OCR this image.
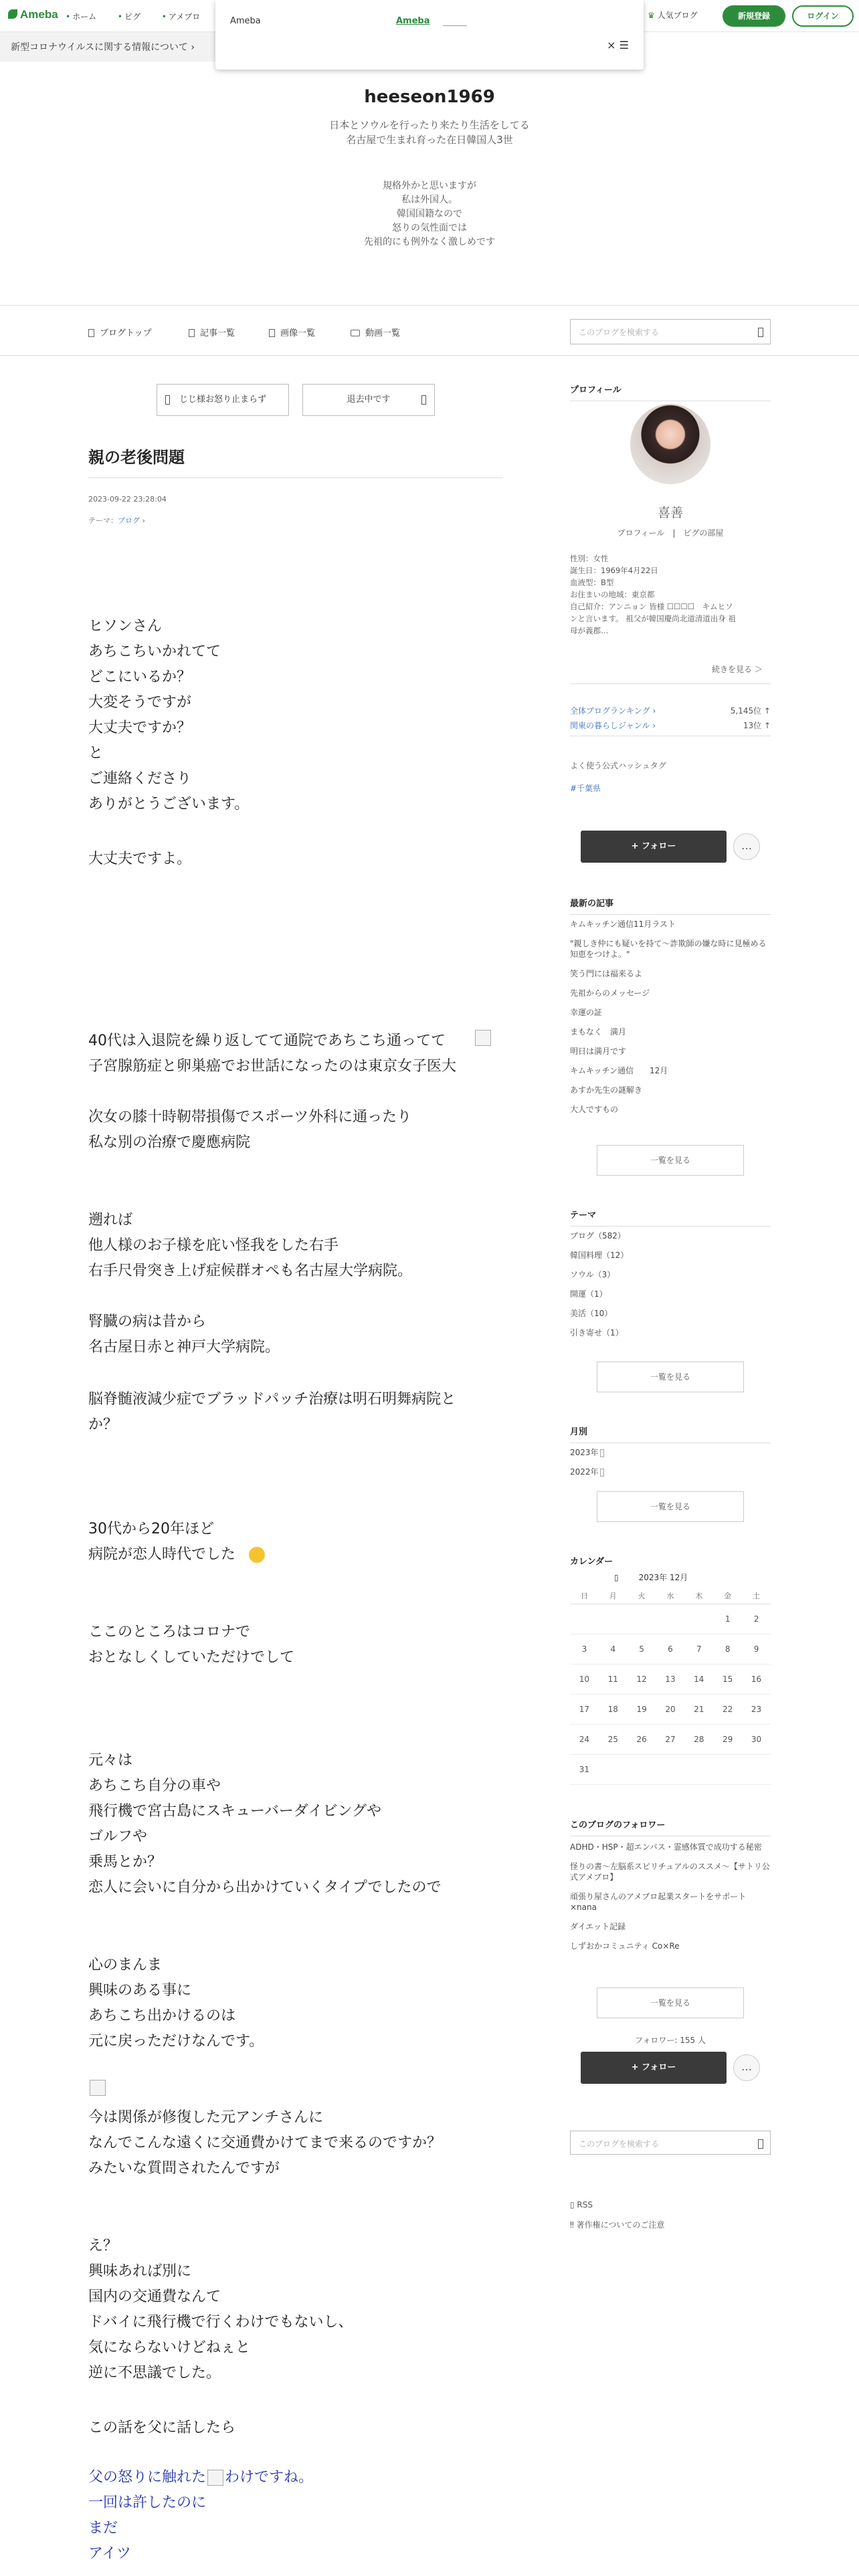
Ameba • ホーム	• ピグ	• アメブロ	♛ 人気ブログ	新規登録	ログイン
新型コロナウイルスに関する情報について ›
Ameba	Ameba
× ☰
heeseon1969
日本とソウルを行ったり来たり生活をしてる
名古屋で生まれ育った在日韓国人3世
規格外かと思いますが
私は外国人。
韓国国籍なので
怒りの気性面では
先祖的にも例外なく激しめです
ブログトップ	記事一覧	画像一覧	動画一覧	このブログを検索する
じじ様お怒り止まらず	退去中です
親の老後問題
2023-09-22 23:28:04
テーマ：ブログ ›
ヒソンさん
あちこちいかれてて
どこにいるか？
大変そうですが
大丈夫ですか？
と
ご連絡くださり
ありがとうございます。
大丈夫ですよ。
40代は入退院を繰り返してて通院であちこち通ってて
子宮腺筋症と卵巣癌でお世話になったのは東京女子医大
次女の膝十時靭帯損傷でスポーツ外科に通ったり
私な別の治療で慶應病院
遡れば
他人様のお子様を庇い怪我をした右手
右手尺骨突き上げ症候群オペも名古屋大学病院。
腎臓の病は昔から
名古屋日赤と神戸大学病院。
脳脊髄液減少症でブラッドパッチ治療は明石明舞病院と
か？
30代から20年ほど
病院が恋人時代でした
ここのところはコロナで
おとなしくしていただけでして
元々は
あちこち自分の車や
飛行機で宮古島にスキューバーダイビングや
ゴルフや
乗馬とか？
恋人に会いに自分から出かけていくタイプでしたので
心のまんま
興味のある事に
あちこち出かけるのは
元に戻っただけなんです。
今は関係が修復した元アンチさんに
なんでこんな遠くに交通費かけてまで来るのですか？
みたいな質問されたんですが
え？
興味あれば別に
国内の交通費なんて
ドバイに飛行機で行くわけでもないし、
気にならないけどねぇと
逆に不思議でした。
この話を父に話したら
父の怒りに触れた わけですね。
一回は許したのに
まだ
アイツ
プロフィール
喜善
プロフィール　|　ピグの部屋
性別：女性
誕生日：1969年4月22日
血液型：B型
お住まいの地域：東京都
自己紹介：アンニョン 皆様 ☐☐☐☐　キムヒソ
ンと言います。 祖父が韓国慶尚北道清道出身 祖
母が義郡…
続きを見る ＞
全体ブログランキング ›	5,145位 ↑
関東の暮らしジャンル ›	13位 ↑
よく使う公式ハッシュタグ
#千葉県
+ フォロー	…
最新の記事
キムキッチン通信11月ラスト
"親しき仲にも疑いを持て〜詐欺師の嫌な時に見極める知恵をつけよ。"
笑う門には福来るよ
先祖からのメッセージ
幸運の証
まもなく　満月
明日は満月です
キムキッチン通信　　12月
あすか先生の謎解き
大人ですもの
一覧を見る
テーマ
ブログ（582）
韓国料理（12）
ソウル（3）
開運（1）
美活（10）
引き寄せ（1）
一覧を見る
月別
2023年
2022年
一覧を見る
カレンダー
▯	2023年 12月
日	月	火	水	木	金	土
					1	2
3	4	5	6	7	8	9
10	11	12	13	14	15	16
17	18	19	20	21	22	23
24	25	26	27	28	29	30
31						
このブログのフォロワー
ADHD・HSP・超エンパス・霊感体質で成功する秘密
怪りの書〜左脳系スピリチュアルのススメ〜【サトリ公式アメブロ】
頑張り屋さんのアメブロ起業スタートをサポート×nana
ダイエット記録
しずおかコミュニティ Co×Re
一覧を見る
フォロワー: 155 人
+ フォロー	…
このブログを検索する
▯ RSS
‼ 著作権についてのご注意
